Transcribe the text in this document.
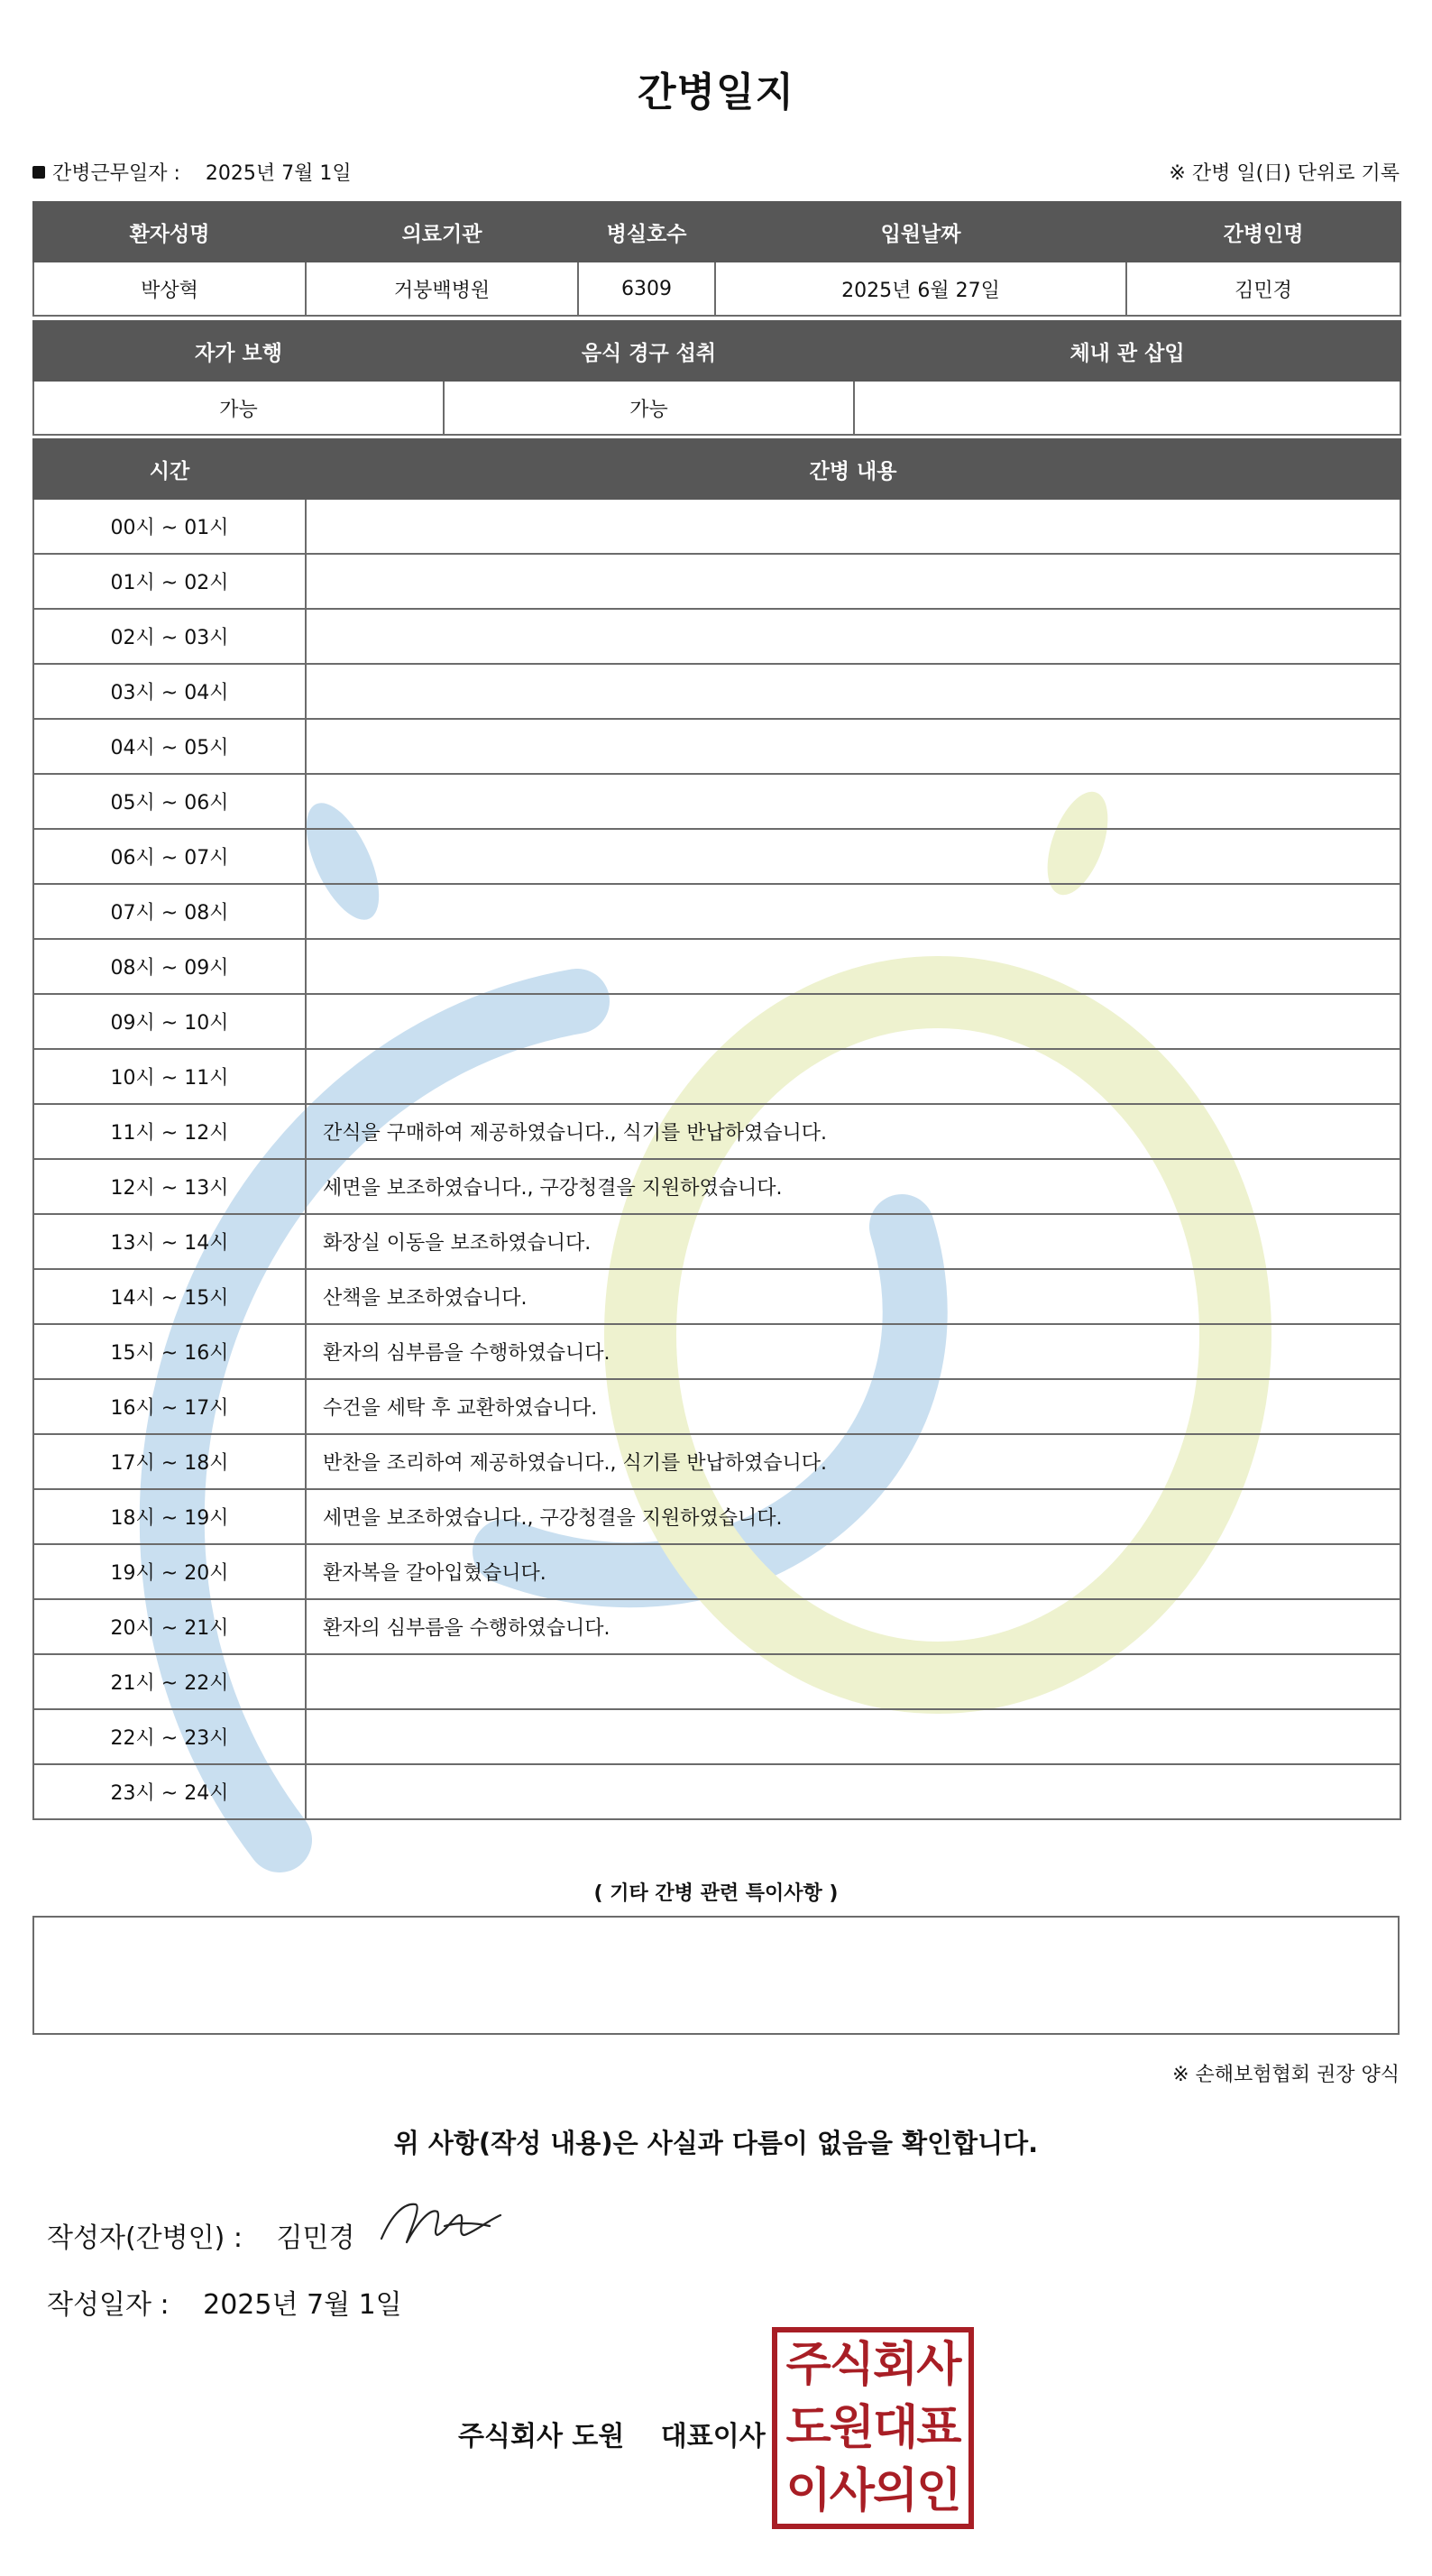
간병일지
간병근무일자 : 2025년 7월 1일	※ 간병 일(日) 단위로 기록
환자성명	의료기관	병실호수	입원날짜	간병인명
박상혁	거붕백병원	6309	2025년 6월 27일	김민경
자가 보행	음식 경구 섭취	체내 관 삽입
가능	가능	
시간	간병 내용
00시 ~ 01시	
01시 ~ 02시	
02시 ~ 03시	
03시 ~ 04시	
04시 ~ 05시	
05시 ~ 06시	
06시 ~ 07시	
07시 ~ 08시	
08시 ~ 09시	
09시 ~ 10시	
10시 ~ 11시	
11시 ~ 12시	간식을 구매하여 제공하였습니다., 식기를 반납하였습니다.
12시 ~ 13시	세면을 보조하였습니다., 구강청결을 지원하였습니다.
13시 ~ 14시	화장실 이동을 보조하였습니다.
14시 ~ 15시	산책을 보조하였습니다.
15시 ~ 16시	환자의 심부름을 수행하였습니다.
16시 ~ 17시	수건을 세탁 후 교환하였습니다.
17시 ~ 18시	반찬을 조리하여 제공하였습니다., 식기를 반납하였습니다.
18시 ~ 19시	세면을 보조하였습니다., 구강청결을 지원하였습니다.
19시 ~ 20시	환자복을 갈아입혔습니다.
20시 ~ 21시	환자의 심부름을 수행하였습니다.
21시 ~ 22시	
22시 ~ 23시	
23시 ~ 24시	
( 기타 간병 관련 특이사항 )
※ 손해보험협회 권장 양식
위 사항(작성 내용)은 사실과 다름이 없음을 확인합니다.
작성자(간병인) : 김민경
작성일자 : 2025년 7월 1일
주식회사 도원 대표이사
주식회사
도원대표
이사의인
